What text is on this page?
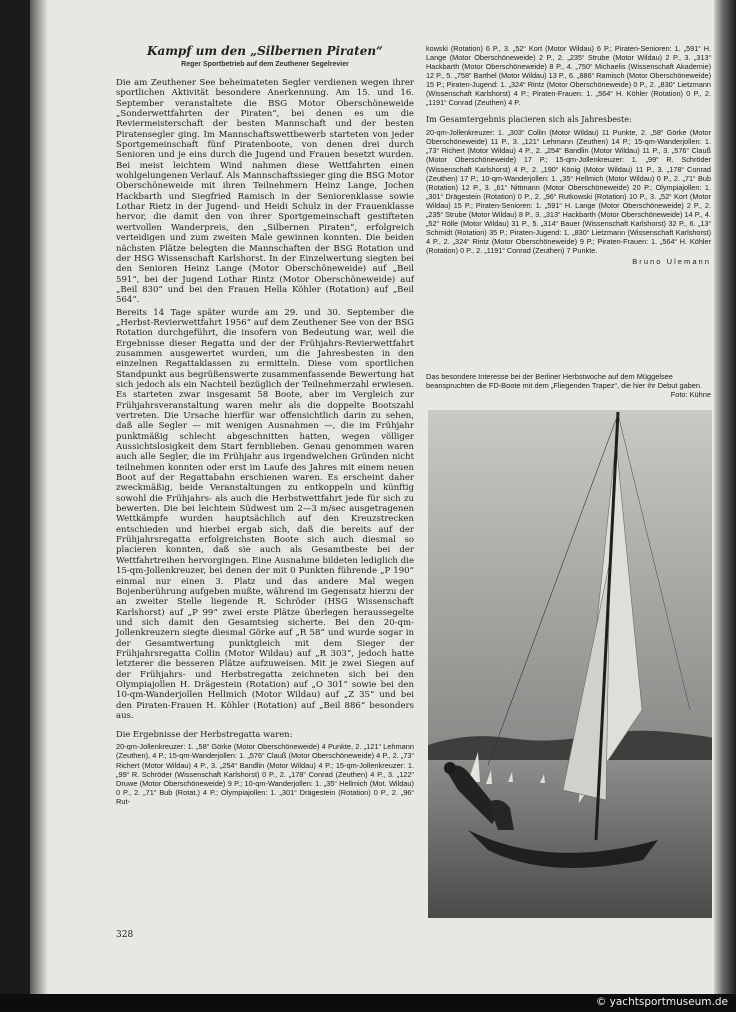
Kampf um den „Silbernen Piraten“

Reger Sportbetrieb auf dem Zeuthener Segelrevier

Die am Zeuthener See beheimateten Segler verdienen wegen ihrer sportlichen Aktivität besondere Anerkennung. Am 15. und 16. September veranstaltete die BSG Motor Oberschöneweide „Sonderwettfahrten der Piraten“, bei denen es um die Reviermeisterschaft der besten Mannschaft und der besten Piratensegler ging. Im Mannschaftswettbewerb starteten von jeder Sportgemeinschaft fünf Piratenboote, von denen drei durch Senioren und je eins durch die Jugend und Frauen besetzt wurden. Bei meist leichtem Wind nahmen diese Wettfahrten einen wohlgelungenen Verlauf. Als Mannschaftssieger ging die BSG Motor Oberschöneweide mit ihren Teilnehmern Heinz Lange, Jochen Hackbarth und Siegfried Ramisch in der Seniorenklasse sowie Lothar Rietz in der Jugend- und Heidi Schulz in der Frauenklasse hervor, die damit den von ihrer Sportgemeinschaft gestifteten wertvollen Wanderpreis, den „Silbernen Piraten“, erfolgreich verteidigen und zum zweiten Male gewinnen konnten. Die beiden nächsten Plätze belegten die Mannschaften der BSG Rotation und der HSG Wissenschaft Karlshorst. In der Einzelwertung siegten bei den Senioren Heinz Lange (Motor Oberschöneweide) auf „Beil 591“, bei der Jugend Lothar Rintz (Motor Oberschöneweide) auf „Beil 830“ und bei den Frauen Hella Köhler (Rotation) auf „Beil 564“.

Bereits 14 Tage später wurde am 29. und 30. September die „Herbst-Revierwettfahrt 1956“ auf dem Zeuthener See von der BSG Rotation durchgeführt, die insofern von Bedeutung war, weil die Ergebnisse dieser Regatta und der der Frühjahrs-Revierwettfahrt zusammen ausgewertet wurden, um die Jahresbesten in den einzelnen Regattaklassen zu ermitteln. Diese vom sportlichen Standpunkt aus begrüßenswerte zusammenfassende Bewertung hat sich jedoch als ein Nachteil bezüglich der Teilnehmerzahl erwiesen. Es starteten zwar insgesamt 58 Boote, aber im Vergleich zur Frühjahrsveranstaltung waren mehr als die doppelte Bootszahl vertreten. Die Ursache hierfür war offensichtlich darin zu sehen, daß alle Segler — mit wenigen Ausnahmen —, die im Frühjahr punktmäßig schlecht abgeschnitten hatten, wegen völliger Aussichtslosigkeit dem Start fernblieben. Genau genommen waren auch alle Segler, die im Frühjahr aus irgendwelchen Gründen nicht teilnehmen konnten oder erst im Laufe des Jahres mit einem neuen Boot auf der Regattabahn erschienen waren. Es erscheint daher zweckmäßig, beide Veranstaltungen zu entkoppeln und künftig sowohl die Frühjahrs- als auch die Herbstwettfahrt jede für sich zu bewerten. Die bei leichtem Südwest um 2—3 m/sec ausgetragenen Wettkämpfe wurden hauptsächlich auf den Kreuzstrecken entschieden und hierbei ergab sich, daß die bereits auf der Frühjahrsregatta erfolgreichsten Boote sich auch diesmal so placieren konnten, daß sie auch als Gesamtbeste bei der Wettfahrtreihen hervorgingen. Eine Ausnahme bildeten lediglich die 15-qm-Jollenkreuzer, bei denen der mit 0 Punkten führende „P 190“ einmal nur einen 3. Platz und das andere Mal wegen Bojenberührung aufgeben mußte, während im Gegensatz hierzu der an zweiter Stelle liegende R. Schröder (HSG Wissenschaft Karlshorst) auf „P 99“ zwei erste Plätze überlegen heraussegelte und sich damit den Gesamtsieg sicherte. Bei den 20-qm-Jollenkreuzern siegte diesmal Görke auf „R 58“ und wurde sogar in der Gesamtwertung punktgleich mit dem Sieger der Frühjahrsregatta Collin (Motor Wildau) auf „R 303“, jedoch hatte letzterer die besseren Plätze aufzuweisen. Mit je zwei Siegen auf der Frühjahrs- und Herbstregatta zeichneten sich bei den Olympiajollen H. Drägestein (Rotation) auf „O 301“ sowie bei den 10-qm-Wanderjollen Hellmich (Motor Wildau) auf „Z 35“ und bei den Piraten-Frauen H. Köhler (Rotation) auf „Beil 886“ besonders aus.

Die Ergebnisse der Herbstregatta waren:

20-qm-Jollenkreuzer: 1. „58“ Görke (Motor Oberschöneweide) 4 Punkte, 2. „121“ Lehmann (Zeuthen), 4 P.; 15-qm-Wanderjollen: 1. „576“ Clauß (Motor Oberschöneweide) 4 P., 2. „73“ Richert (Motor Wildau) 4 P., 3. „254“ Bandlin (Motor Wildau) 4 P.; 15-qm-Jollenkreuzer: 1. „99“ R. Schröder (Wissenschaft Karlshorst) 0 P., 2. „178“ Conrad (Zeuthen) 4 P., 3. „122“ Druwe (Motor Oberschöneweide) 9 P.; 10-qm-Wanderjollen: 1. „35“ Hellmich (Mot. Wildau) 0 P., 2. „71“ Bub (Rotat.) 4 P.; Olympiajollen: 1. „301“ Drägestein (Rotation) 0 P., 2. „96“ Rut-

328

kowski (Rotation) 6 P., 3. „52“ Kort (Motor Wildau) 6 P.; Piraten-Senioren: 1. „591“ H. Lange (Motor Oberschöneweide) 2 P., 2. „235“ Strube (Motor Wildau) 2 P., 3. „313“ Hackbarth (Motor Oberschöneweide) 8 P., 4. „750“ Michaelis (Wissenschaft Akademie) 12 P., 5. „758“ Barthel (Motor Wildau) 13 P., 6. „886“ Ramisch (Motor Oberschöneweide) 15 P.; Piraten-Jugend: 1. „324“ Rintz (Motor Oberschöneweide) 0 P., 2. „830“ Lietzmann (Wissenschaft Karlshorst) 4 P.; Piraten-Frauen: 1. „564“ H. Köhler (Rotation) 0 P., 2. „1191“ Conrad (Zeuthen) 4 P.

Im Gesamtergebnis placieren sich als Jahresbeste:

20-qm-Jollenkreuzer: 1. „303“ Collin (Motor Wildau) 11 Punkte, 2. „58“ Görke (Motor Oberschöneweide) 11 P., 3. „121“ Lehmann (Zeuthen) 14 P.; 15-qm-Wanderjollen: 1. „73“ Richert (Motor Wildau) 4 P., 2. „254“ Bandlin (Motor Wildau) 11 P., 3. „576“ Clauß (Motor Oberschöneweide) 17 P.; 15-qm-Jollenkreuzer: 1. „99“ R. Schröder (Wissenschaft Karlshorst) 4 P., 2. „190“ König (Motor Wildau) 11 P., 3. „178“ Conrad (Zeuthen) 17 P.; 10-qm-Wanderjollen: 1. „35“ Hellmich (Motor Wildau) 0 P., 2. „71“ Bub (Rotation) 12 P., 3. „61“ Nittmann (Motor Oberschöneweide) 20 P.; Olympiajollen: 1. „301“ Drägestein (Rotation) 0 P., 2. „96“ Rutkowski (Rotation) 10 P., 3. „52“ Kort (Motor Wildau) 15 P.; Piraten-Senioren: 1. „591“ H. Lange (Motor Oberschöneweide) 2 P., 2. „235“ Strube (Motor Wildau) 8 P., 3. „313“ Hackbarth (Motor Oberschöneweide) 14 P., 4. „52“ Rölle (Motor Wildau) 31 P., 5. „314“ Bauer (Wissenschaft Karlshorst) 32 P., 6. „13“ Schmidt (Rotation) 35 P.; Piraten-Jugend: 1. „830“ Lietzmann (Wissenschaft Karlshorst) 4 P., 2. „324“ Rintz (Motor Oberschöneweide) 9 P.; Piraten-Frauen: 1. „564“ H. Köhler (Rotation) 0 P., 2. „1191“ Conrad (Zeuthen) 7 Punkte.

Bruno Ulemann

Das besondere Interesse bei der Berliner Herbstwoche auf dem Müggelsee beanspruchten die FD-Boote mit dem „Fliegenden Trapez“, die hier ihr Debut gaben.
Foto: Kühne

© yachtsportmuseum.de
